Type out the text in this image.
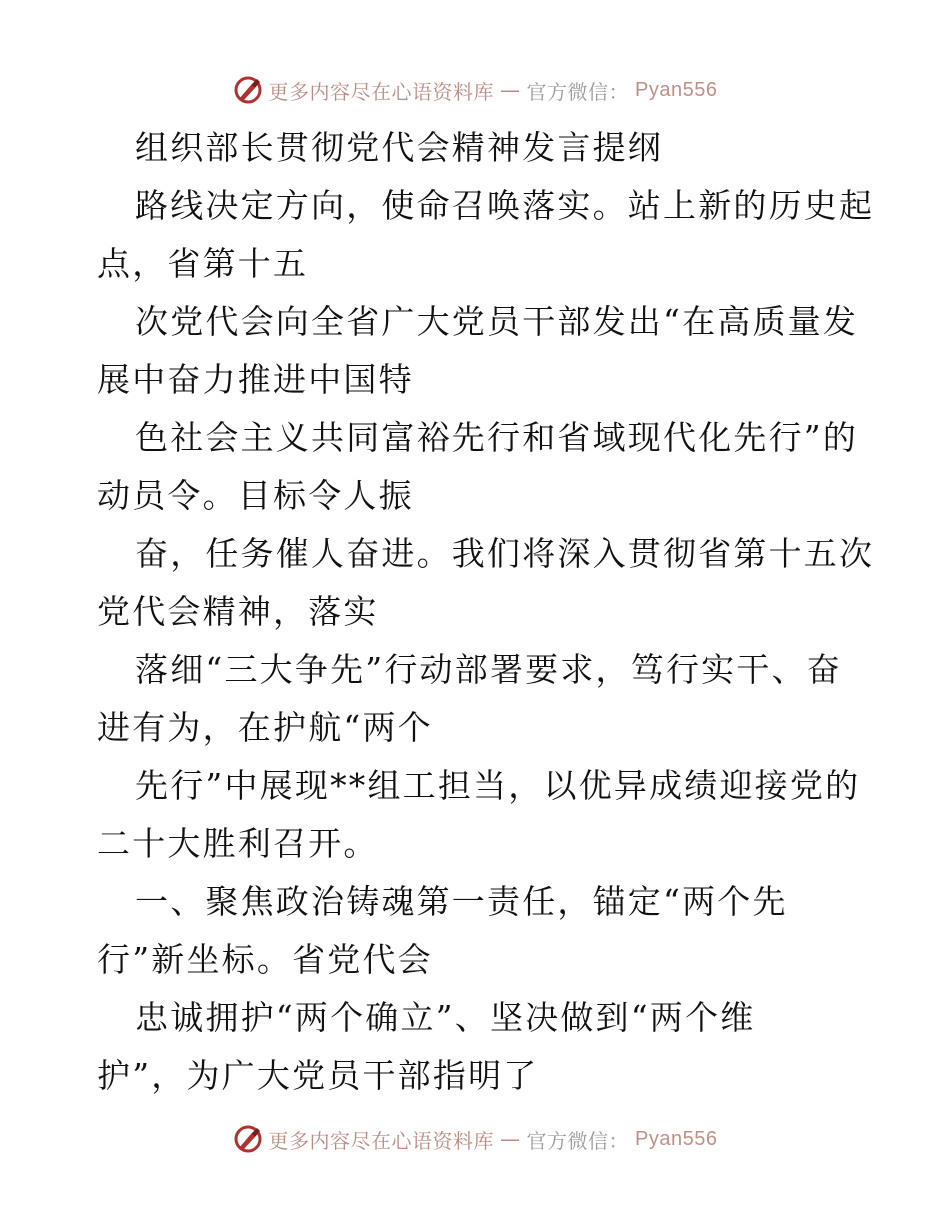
更多内容尽在心语资料库 — 官方微信： Pyan556
组织部长贯彻党代会精神发言提纲
路线决定方向，使命召唤落实。站上新的历史起
点，省第十五
次党代会向全省广大党员干部发出“在高质量发
展中奋力推进中国特
色社会主义共同富裕先行和省域现代化先行”的
动员令。目标令人振
奋，任务催人奋进。我们将深入贯彻省第十五次
党代会精神，落实
落细“三大争先”行动部署要求，笃行实干、奋
进有为，在护航“两个
先行”中展现**组工担当，以优异成绩迎接党的
二十大胜利召开。
一、聚焦政治铸魂第一责任，锚定“两个先
行”新坐标。省党代会
忠诚拥护“两个确立”、坚决做到“两个维
护”，为广大党员干部指明了
更多内容尽在心语资料库 — 官方微信： Pyan556
